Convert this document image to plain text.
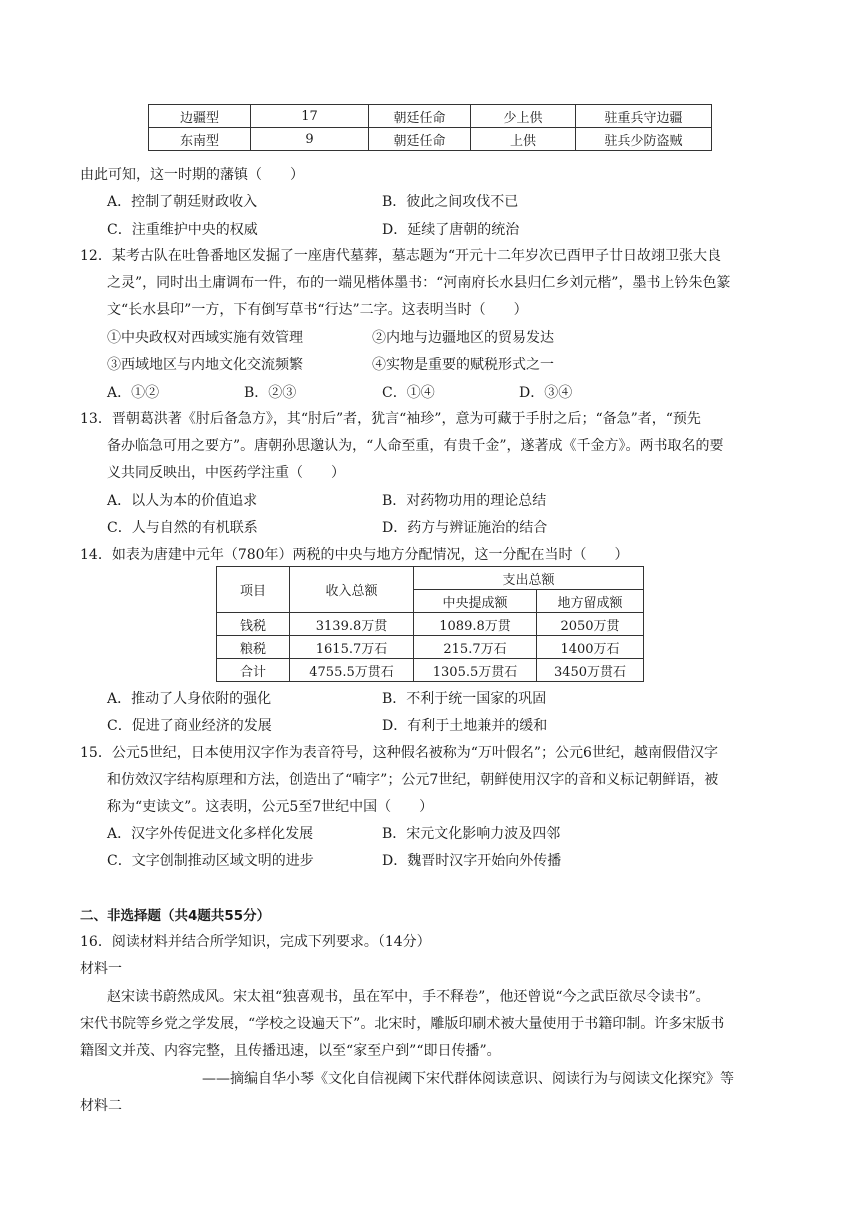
边疆型	17	朝廷任命	少上供	驻重兵守边疆
东南型	9	朝廷任命	上供	驻兵少防盗贼
由此可知，这一时期的藩镇（　　）
A．控制了朝廷财政收入	B．彼此之间攻伐不已
C．注重维护中央的权威	D．延续了唐朝的统治
12．某考古队在吐鲁番地区发掘了一座唐代墓葬，墓志题为“开元十二年岁次已酉甲子廿日故翊卫张大良
之灵”，同时出土庸调布一件，布的一端见楷体墨书：“河南府长水县归仁乡刘元楷”，墨书上钤朱色篆
文“长水县印”一方，下有倒写草书“行达”二字。这表明当时（　　）
①中央政权对西域实施有效管理	②内地与边疆地区的贸易发达
③西域地区与内地文化交流频繁	④实物是重要的赋税形式之一
A．①②	B．②③	C．①④	D．③④
13．晋朝葛洪著《肘后备急方》，其“肘后”者，犹言“袖珍”，意为可藏于手肘之后；“备急”者，“预先
备办临急可用之要方”。唐朝孙思邈认为，“人命至重，有贵千金”，遂著成《千金方》。两书取名的要
义共同反映出，中医药学注重（　　）
A．以人为本的价值追求	B．对药物功用的理论总结
C．人与自然的有机联系	D．药方与辨证施治的结合
14．如表为唐建中元年（780年）两税的中央与地方分配情况，这一分配在当时（　　）
项目	收入总额	支出总额	
		中央提成额	地方留成额
钱税	3139.8万贯	1089.8万贯	2050万贯
粮税	1615.7万石	215.7万石	1400万石
合计	4755.5万贯石	1305.5万贯石	3450万贯石
A．推动了人身依附的强化	B．不利于统一国家的巩固
C．促进了商业经济的发展	D．有利于土地兼并的缓和
15．公元5世纪，日本使用汉字作为表音符号，这种假名被称为“万叶假名”；公元6世纪，越南假借汉字
和仿效汉字结构原理和方法，创造出了“喃字”；公元7世纪，朝鲜使用汉字的音和义标记朝鲜语，被
称为“吏读文”。这表明，公元5至7世纪中国（　　）
A．汉字外传促进文化多样化发展	B．宋元文化影响力波及四邻
C．文字创制推动区域文明的进步	D．魏晋时汉字开始向外传播
二、非选择题（共4题共55分）
16．阅读材料并结合所学知识，完成下列要求。（14分）
材料一
赵宋读书蔚然成风。宋太祖“独喜观书，虽在军中，手不释卷”，他还曾说“今之武臣欲尽令读书”。
宋代书院等乡党之学发展，“学校之设遍天下”。北宋时，雕版印刷术被大量使用于书籍印制。许多宋版书
籍图文并茂、内容完整，且传播迅速，以至“家至户到”“即日传播”。
——摘编自华小琴《文化自信视阈下宋代群体阅读意识、阅读行为与阅读文化探究》等
材料二
